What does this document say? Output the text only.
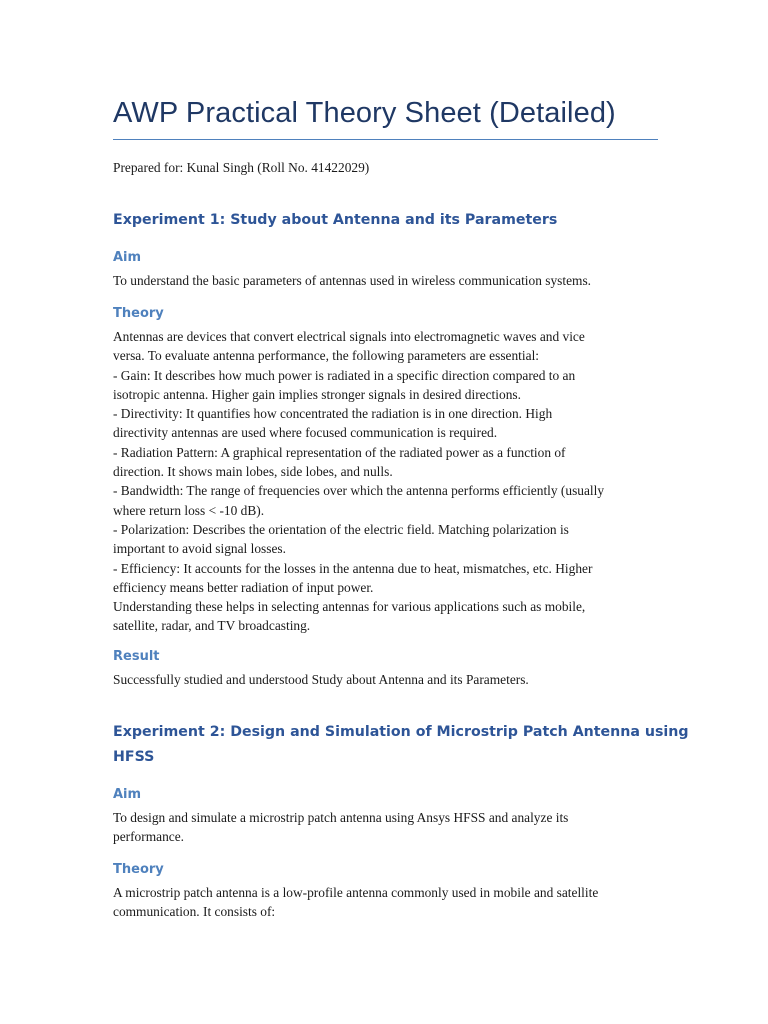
AWP Practical Theory Sheet (Detailed)

Prepared for: Kunal Singh (Roll No. 41422029)

Experiment 1: Study about Antenna and its Parameters
Aim

To understand the basic parameters of antennas used in wireless communication systems.

Theory
Antennas are devices that convert electrical signals into electromagnetic waves and vice
versa. To evaluate antenna performance, the following parameters are essential:
- Gain: It describes how much power is radiated in a specific direction compared to an
isotropic antenna. Higher gain implies stronger signals in desired directions.
- Directivity: It quantifies how concentrated the radiation is in one direction. High
directivity antennas are used where focused communication is required.
- Radiation Pattern: A graphical representation of the radiated power as a function of
direction. It shows main lobes, side lobes, and nulls.
- Bandwidth: The range of frequencies over which the antenna performs efficiently (usually
where return loss < -10 dB).
- Polarization: Describes the orientation of the electric field. Matching polarization is
important to avoid signal losses.
- Efficiency: It accounts for the losses in the antenna due to heat, mismatches, etc. Higher
efficiency means better radiation of input power.
Understanding these helps in selecting antennas for various applications such as mobile,
satellite, radar, and TV broadcasting.
Result

Successfully studied and understood Study about Antenna and its Parameters.

Experiment 2: Design and Simulation of Microstrip Patch Antenna using
HFSS
Aim
To design and simulate a microstrip patch antenna using Ansys HFSS and analyze its
performance.
Theory
A microstrip patch antenna is a low-profile antenna commonly used in mobile and satellite
communication. It consists of:
